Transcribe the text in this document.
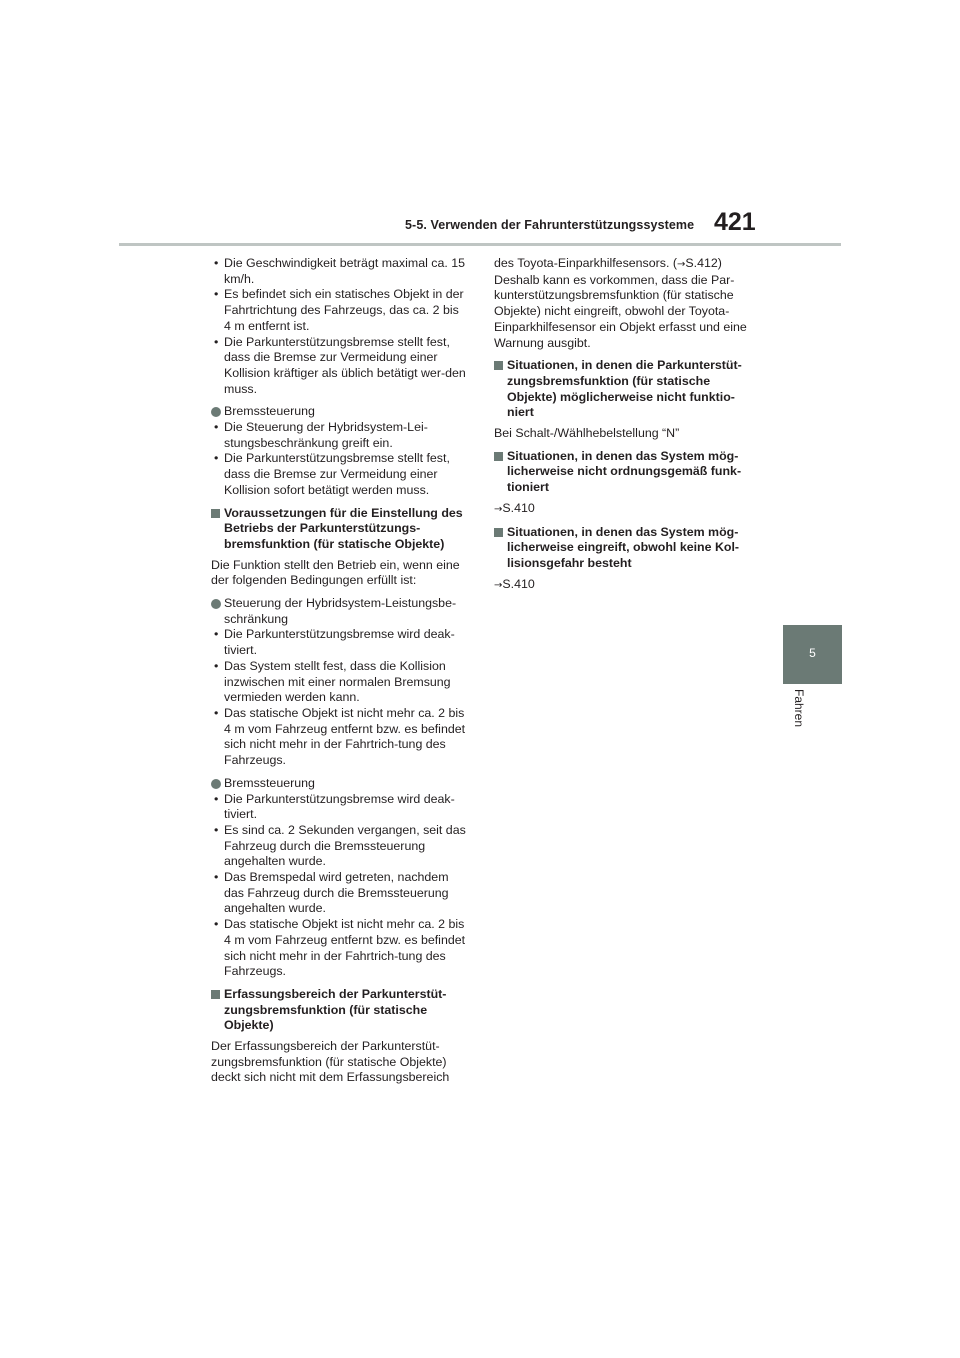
5-5. Verwenden der Fahrunterstützungssysteme 421
5
Fahren
• Die Geschwindigkeit beträgt maximal ca. 15 km/h.
• Es befindet sich ein statisches Objekt in der Fahrtrichtung des Fahrzeugs, das ca. 2 bis 4 m entfernt ist.
• Die Parkunterstützungsbremse stellt fest, dass die Bremse zur Vermeidung einer Kollision kräftiger als üblich betätigt wer-den muss.
Bremssteuerung
• Die Steuerung der Hybridsystem-Lei-stungsbeschränkung greift ein.
• Die Parkunterstützungsbremse stellt fest, dass die Bremse zur Vermeidung einer Kollision sofort betätigt werden muss.
Voraussetzungen für die Einstellung des Betriebs der Parkunterstützungs-bremsfunktion (für statische Objekte)

Die Funktion stellt den Betrieb ein, wenn eine der folgenden Bedingungen erfüllt ist:

Steuerung der Hybridsystem-Leistungsbe-schränkung
• Die Parkunterstützungsbremse wird deak-tiviert.
• Das System stellt fest, dass die Kollision inzwischen mit einer normalen Bremsung vermieden werden kann.
• Das statische Objekt ist nicht mehr ca. 2 bis 4 m vom Fahrzeug entfernt bzw. es befindet sich nicht mehr in der Fahrtrich-tung des Fahrzeugs.
Bremssteuerung
• Die Parkunterstützungsbremse wird deak-tiviert.
• Es sind ca. 2 Sekunden vergangen, seit das Fahrzeug durch die Bremssteuerung angehalten wurde.
• Das Bremspedal wird getreten, nachdem das Fahrzeug durch die Bremssteuerung angehalten wurde.
• Das statische Objekt ist nicht mehr ca. 2 bis 4 m vom Fahrzeug entfernt bzw. es befindet sich nicht mehr in der Fahrtrich-tung des Fahrzeugs.
Erfassungsbereich der Parkunterstüt-zungsbremsfunktion (für statische Objekte)

Der Erfassungsbereich der Parkunterstüt-zungsbremsfunktion (für statische Objekte) deckt sich nicht mit dem Erfassungsbereich

des Toyota-Einparkhilfesensors. (→S.412) Deshalb kann es vorkommen, dass die Par-kunterstützungsbremsfunktion (für statische Objekte) nicht eingreift, obwohl der Toyota-Einparkhilfesensor ein Objekt erfasst und eine Warnung ausgibt.

Situationen, in denen die Parkunterstüt-zungsbremsfunktion (für statische Objekte) möglicherweise nicht funktio-niert

Bei Schalt-/Wählhebelstellung “N”

Situationen, in denen das System mög-licherweise nicht ordnungsgemäß funk-tioniert

→S.410

Situationen, in denen das System mög-licherweise eingreift, obwohl keine Kol-lisionsgefahr besteht

→S.410
